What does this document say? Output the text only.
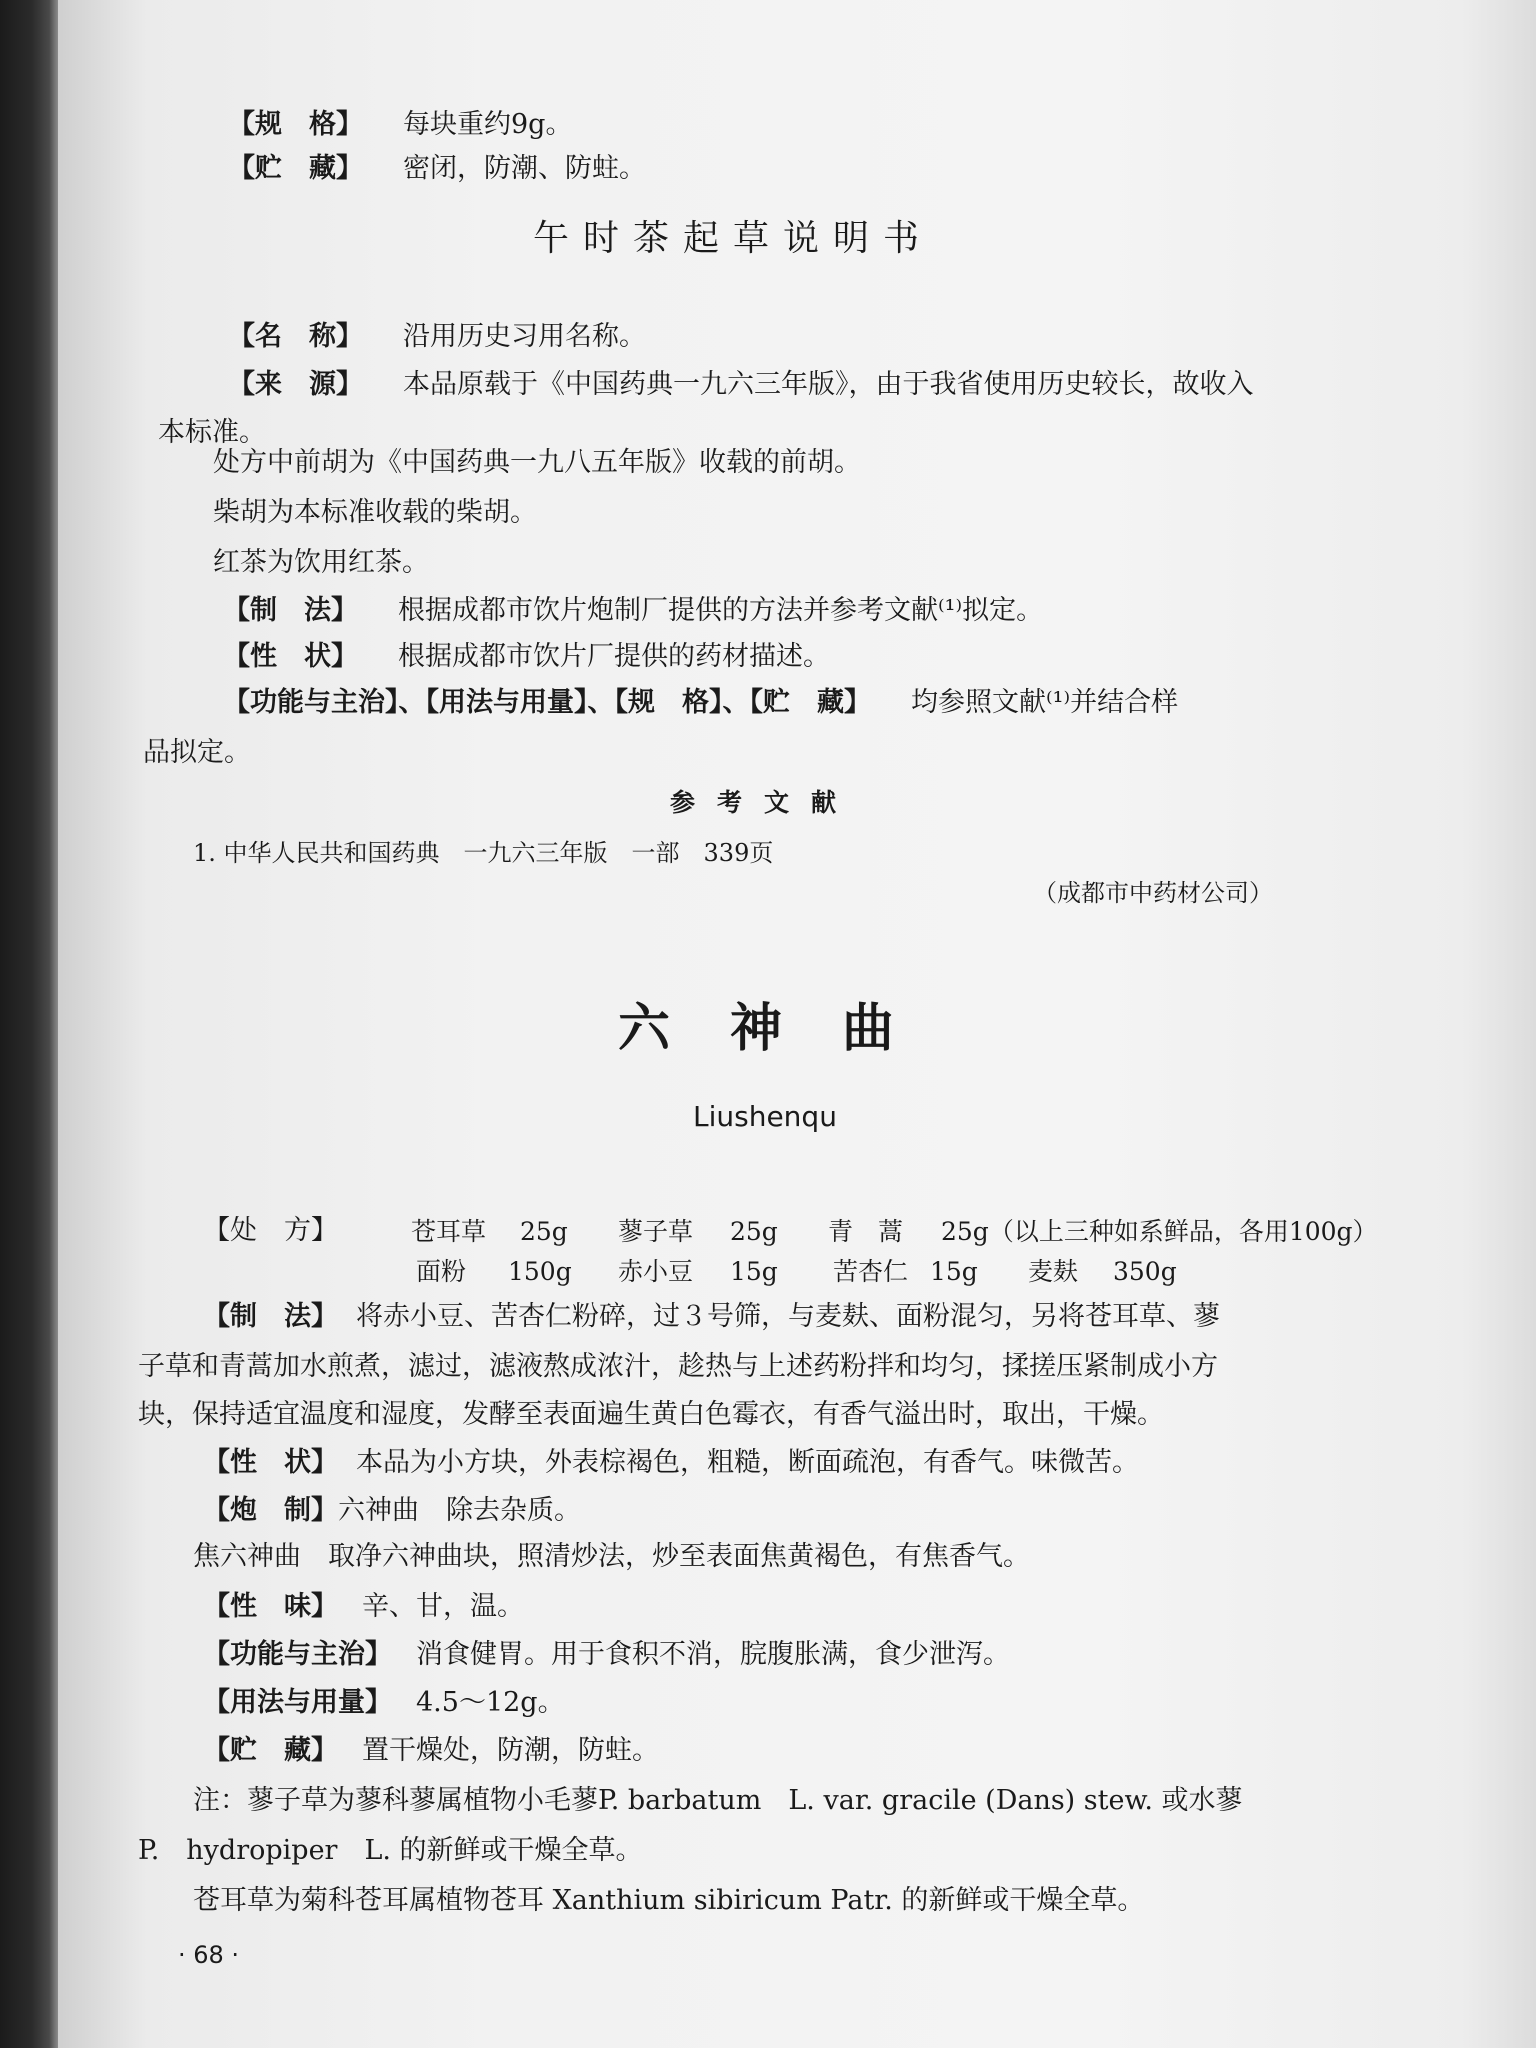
【规　格】 每块重约9g。
【贮　藏】 密闭，防潮、防蛀。
午时茶起草说明书
【名　称】 沿用历史习用名称。
【来　源】 本品原载于《中国药典一九六三年版》，由于我省使用历史较长，故收入
本标准。
处方中前胡为《中国药典一九八五年版》收载的前胡。
柴胡为本标准收载的柴胡。
红茶为饮用红茶。
【制　法】 根据成都市饮片炮制厂提供的方法并参考文献⁽¹⁾拟定。
【性　状】 根据成都市饮片厂提供的药材描述。
【功能与主治】、【用法与用量】、【规　格】、【贮　藏】 均参照文献⁽¹⁾并结合样
品拟定。
参考文献
1. 中华人民共和国药典　一九六三年版　一部　339页
（成都市中药材公司）
六神曲
Liushenqu
【处　方】	苍耳草 25g 蓼子草 25g 青　蒿 25g（以上三种如系鲜品，各用100g）
面粉 150g 赤小豆 15g 苦杏仁 15g 麦麸 350g
【制　法】 将赤小豆、苦杏仁粉碎，过３号筛，与麦麸、面粉混匀，另将苍耳草、蓼
子草和青蒿加水煎煮，滤过，滤液熬成浓汁，趁热与上述药粉拌和均匀，揉搓压紧制成小方
块，保持适宜温度和湿度，发酵至表面遍生黄白色霉衣，有香气溢出时，取出，干燥。
【性　状】 本品为小方块，外表棕褐色，粗糙，断面疏泡，有香气。味微苦。
【炮　制】六神曲　除去杂质。
焦六神曲　取净六神曲块，照清炒法，炒至表面焦黄褐色，有焦香气。
【性　味】 辛、甘，温。
【功能与主治】 消食健胃。用于食积不消，脘腹胀满，食少泄泻。
【用法与用量】 4.5～12g。
【贮　藏】 置干燥处，防潮，防蛀。
注：蓼子草为蓼科蓼属植物小毛蓼P. barbatum　L. var. gracile (Dans) stew. 或水蓼
P.　hydropiper　L. 的新鲜或干燥全草。
苍耳草为菊科苍耳属植物苍耳 Xanthium sibiricum Patr. 的新鲜或干燥全草。
· 68 ·
